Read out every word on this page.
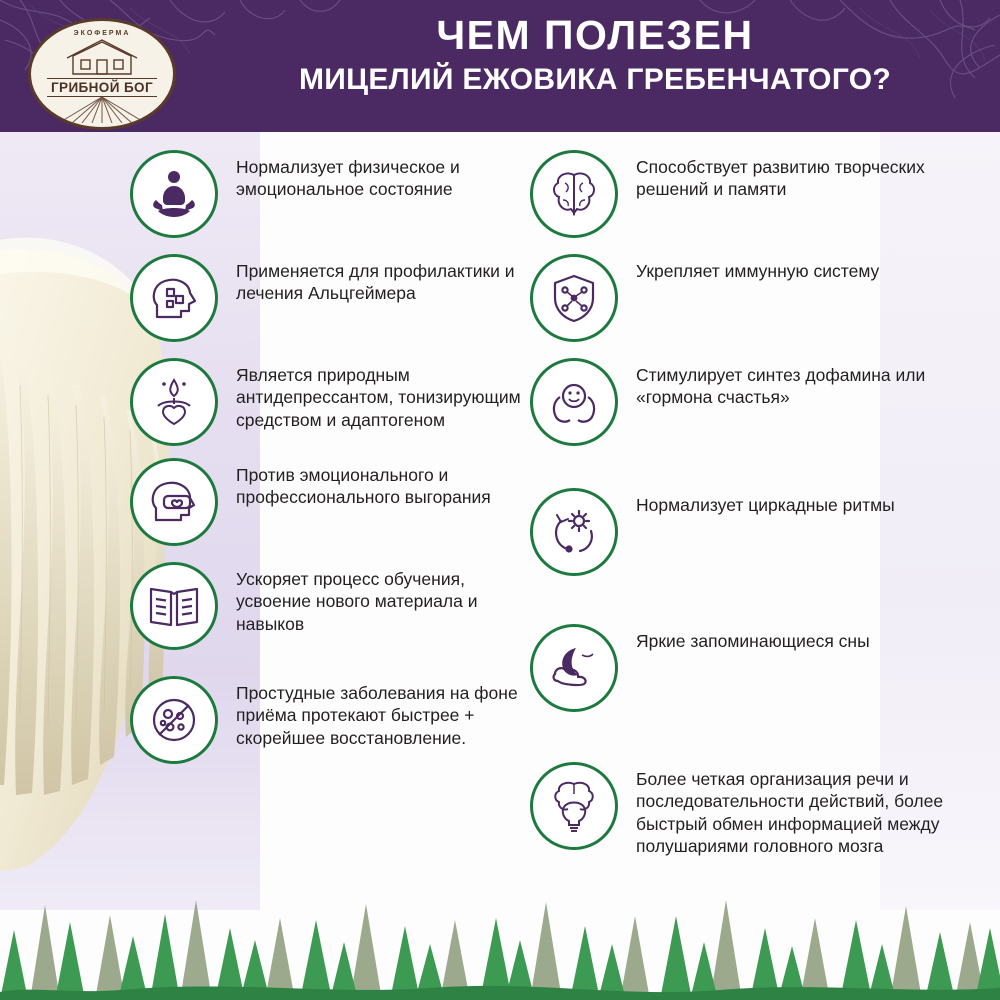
ЧЕМ ПОЛЕЗЕН
МИЦЕЛИЙ ЕЖОВИКА ГРЕБЕНЧАТОГО?
ЭКОФЕРМА
ГРИБНОЙ БОГ
Нормализует физическое и эмоциональное состояние
Применяется для профилактики и лечения Альцгеймера
Является природным антидепрессантом, тонизирующим средством и адаптогеном
Против эмоционального и профессионального выгорания
Ускоряет процесс обучения, усвоение нового материала и навыков
Простудные заболевания на фоне приёма протекают быстрее + скорейшее восстановление.
Способствует развитию творческих решений и памяти
Укрепляет иммунную систему
Стимулирует синтез дофамина или «гормона счастья»
Нормализует циркадные ритмы
Яркие запоминающиеся сны
Более четкая организация речи и последовательности действий, более быстрый обмен информацией между полушариями головного мозга
